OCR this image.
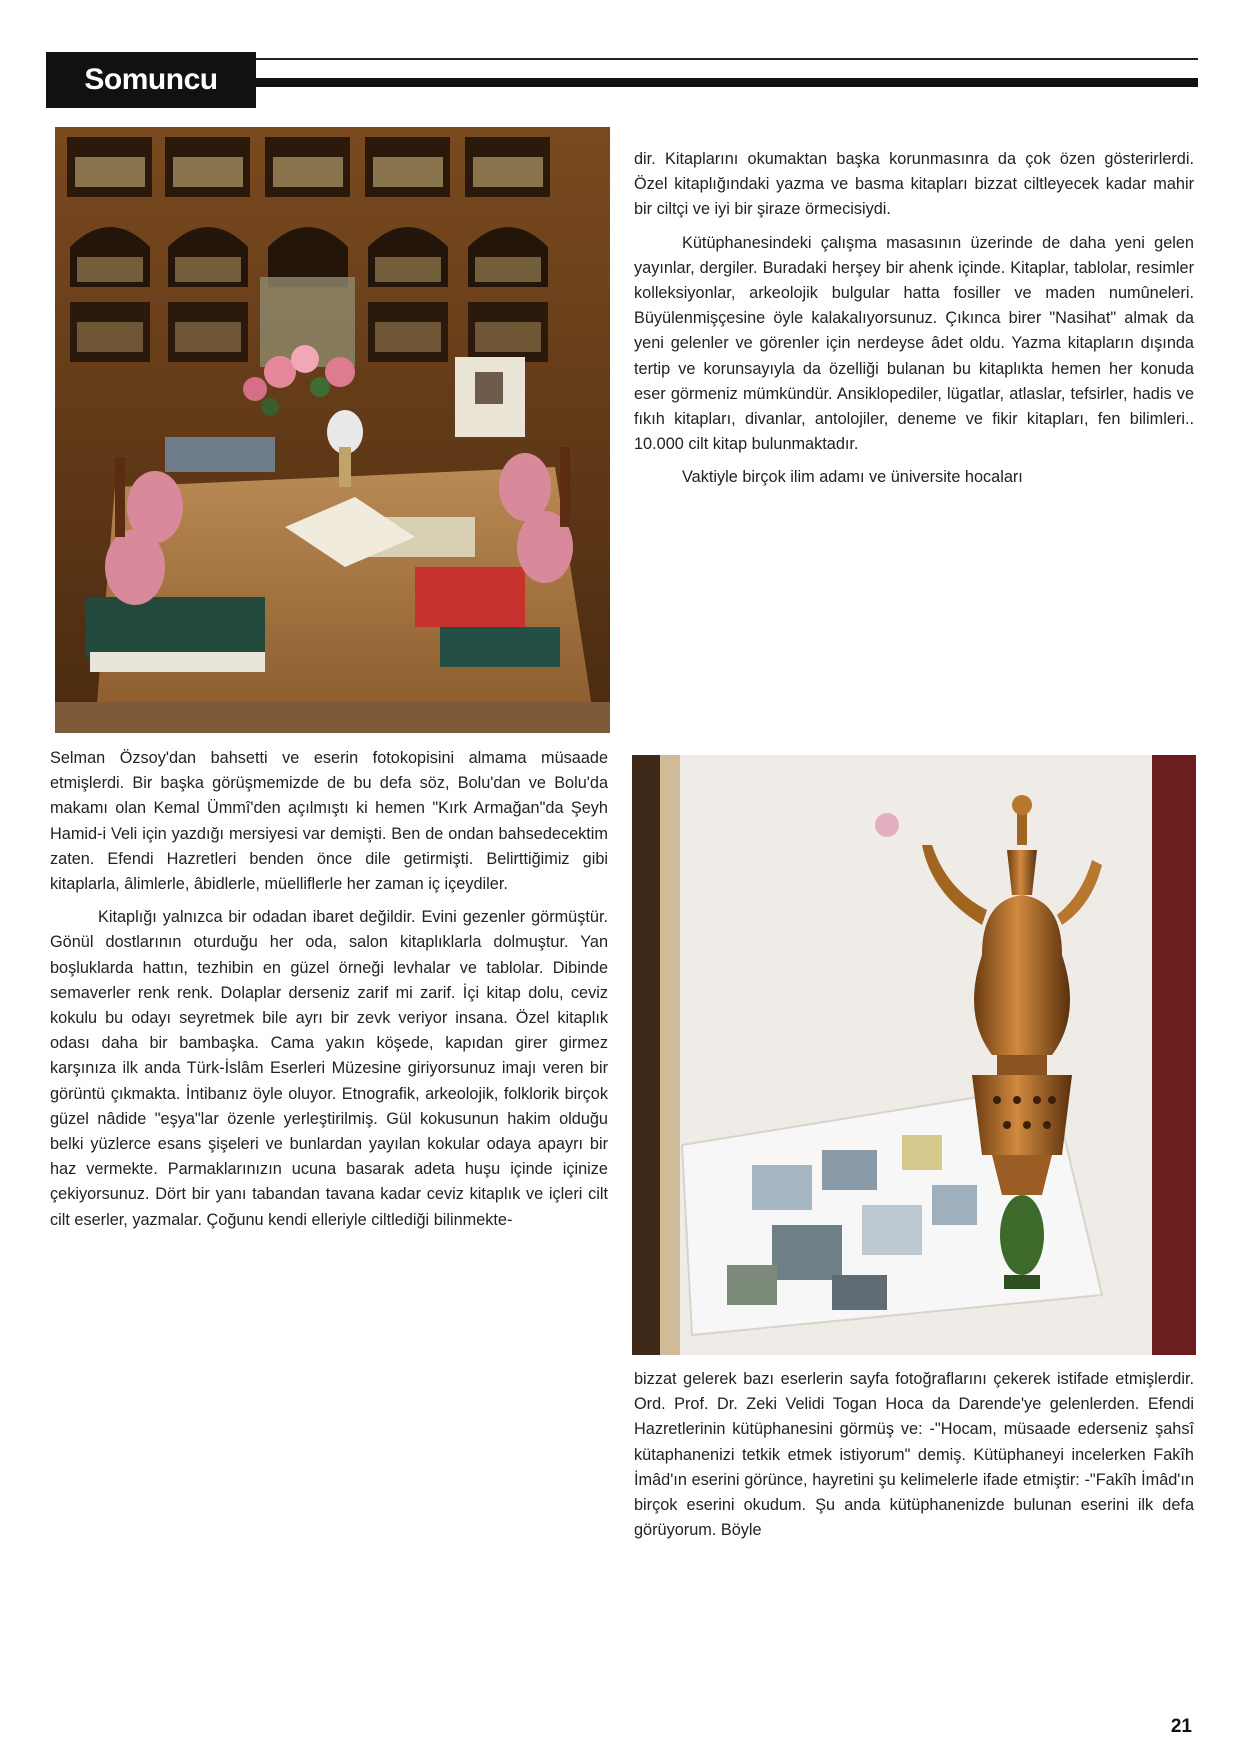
Somuncu

dir. Kitaplarını okumaktan başka korunmasınra da çok özen gösterirlerdi. Özel kitaplığındaki yazma ve basma kitapları bizzat ciltleyecek kadar mahir bir ciltçi ve iyi bir şiraze örmecisiydi.

Kütüphanesindeki çalışma masasının üzerinde de daha yeni gelen yayınlar, dergiler. Buradaki herşey bir ahenk içinde. Kitaplar, tablolar, resimler kolleksiyonlar, arkeolojik bulgular hatta fosiller ve maden numûneleri. Büyülenmişçesine öyle kalakalıyorsunuz. Çıkınca birer "Nasihat" almak da yeni gelenler ve görenler için nerdeyse âdet oldu. Yazma kitapların dışında tertip ve korunsayıyla da özelliği bulanan bu kitaplıkta hemen her konuda eser görmeniz mümkündür. Ansiklopediler, lügatlar, atlaslar, tefsirler, hadis ve fıkıh kitapları, divanlar, antolojiler, deneme ve fikir kitapları, fen bilimleri.. 10.000 cilt kitap bulunmaktadır.

Vaktiyle birçok ilim adamı ve üniversite hocaları

Selman Özsoy'dan bahsetti ve eserin fotokopisini almama müsaade etmişlerdi. Bir başka görüşmemizde de bu defa söz, Bolu'dan ve Bolu'da makamı olan Kemal Ümmî'den açılmıştı ki hemen "Kırk Armağan"da Şeyh Hamid-i Veli için yazdığı mersiyesi var demişti. Ben de ondan bahsedecektim zaten. Efendi Hazretleri benden önce dile getirmişti. Belirttiğimiz gibi kitaplarla, âlimlerle, âbidlerle, müelliflerle her zaman iç içeydiler.

Kitaplığı yalnızca bir odadan ibaret değildir. Evini gezenler görmüştür. Gönül dostlarının oturduğu her oda, salon kitaplıklarla dolmuştur. Yan boşluklarda hattın, tezhibin en güzel örneği levhalar ve tablolar. Dibinde semaverler renk renk. Dolaplar derseniz zarif mi zarif. İçi kitap dolu, ceviz kokulu bu odayı seyretmek bile ayrı bir zevk veriyor insana. Özel kitaplık odası daha bir bambaşka. Cama yakın köşede, kapıdan girer girmez karşınıza ilk anda Türk-İslâm Eserleri Müzesine giriyorsunuz imajı veren bir görüntü çıkmakta. İntibanız öyle oluyor. Etnografik, arkeolojik, folklorik birçok güzel nâdide "eşya"lar özenle yerleştirilmiş. Gül kokusunun hakim olduğu belki yüzlerce esans şişeleri ve bunlardan yayılan kokular odaya apayrı bir haz vermekte. Parmaklarınızın ucuna basarak adeta huşu içinde içinize çekiyorsunuz. Dört bir yanı tabandan tavana kadar ceviz kitaplık ve içleri cilt cilt eserler, yazmalar. Çoğunu kendi elleriyle ciltlediği bilinmekte-

bizzat gelerek bazı eserlerin sayfa fotoğraflarını çekerek istifade etmişlerdir. Ord. Prof. Dr. Zeki Velidi Togan Hoca da Darende'ye gelenlerden. Efendi Hazretlerinin kütüphanesini görmüş ve: -"Hocam, müsaade ederseniz şahsî kütaphanenizi tetkik etmek istiyorum" demiş. Kütüphaneyi incelerken Fakîh İmâd'ın eserini görünce, hayretini şu kelimelerle ifade etmiştir: -"Fakîh İmâd'ın birçok eserini okudum. Şu anda kütüphanenizde bulunan eserini ilk defa görüyorum. Böyle

21
